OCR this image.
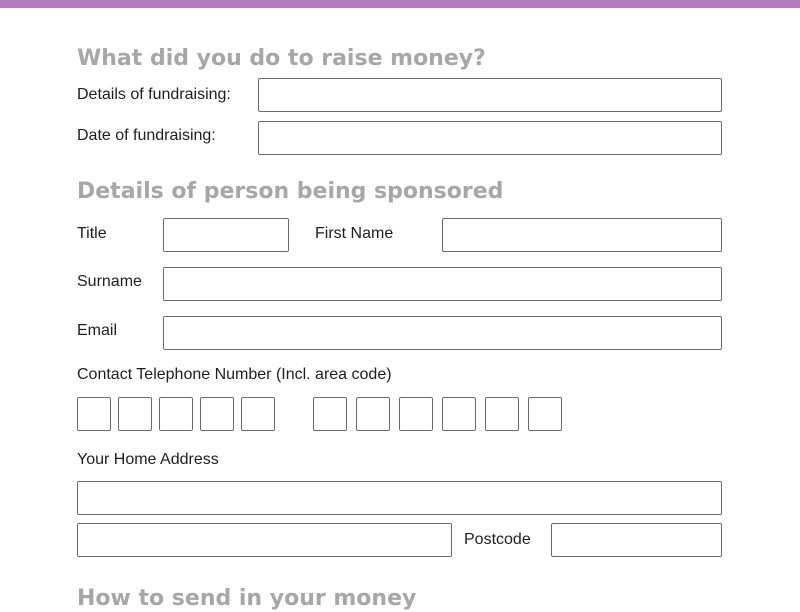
What did you do to raise money?
Details of fundraising:
Date of fundraising:
Details of person being sponsored
Title	First Name
Surname
Email
Contact Telephone Number (Incl. area code)
Your Home Address
Postcode
How to send in your money
